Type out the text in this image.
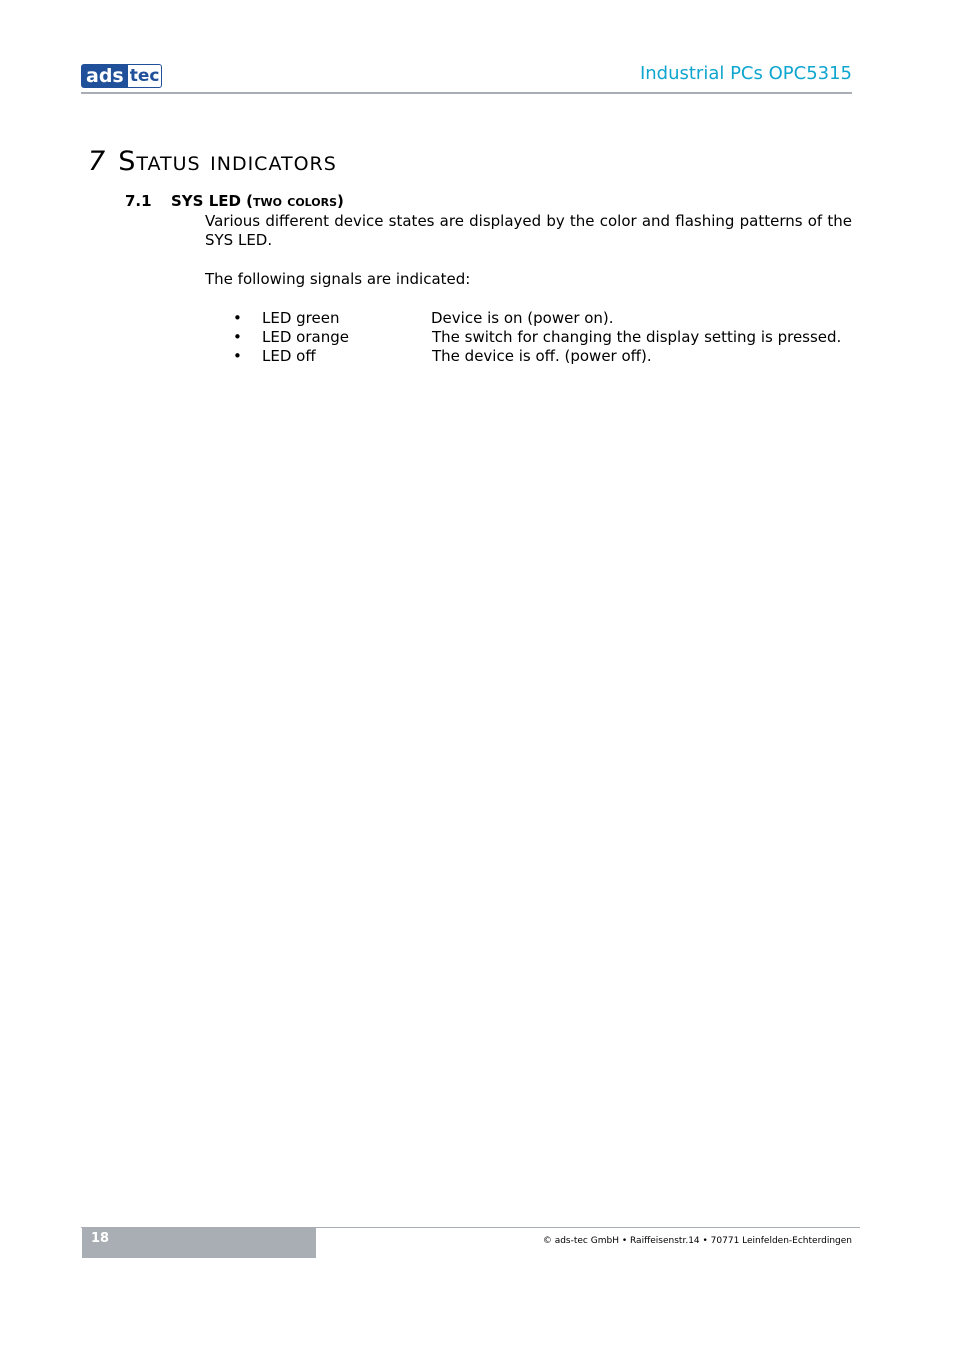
ads tec	Industrial PCs OPC5315
7 Status indicators
7.1 SYS LED (two colors)

Various different device states are displayed by the color and flashing patterns of the SYS LED.

The following signals are indicated:

• LED green	Device is on (power on).
• LED orange	The switch for changing the display setting is pressed.
• LED off	The device is off. (power off).
18	© ads-tec GmbH • Raiffeisenstr.14 • 70771 Leinfelden-Echterdingen
